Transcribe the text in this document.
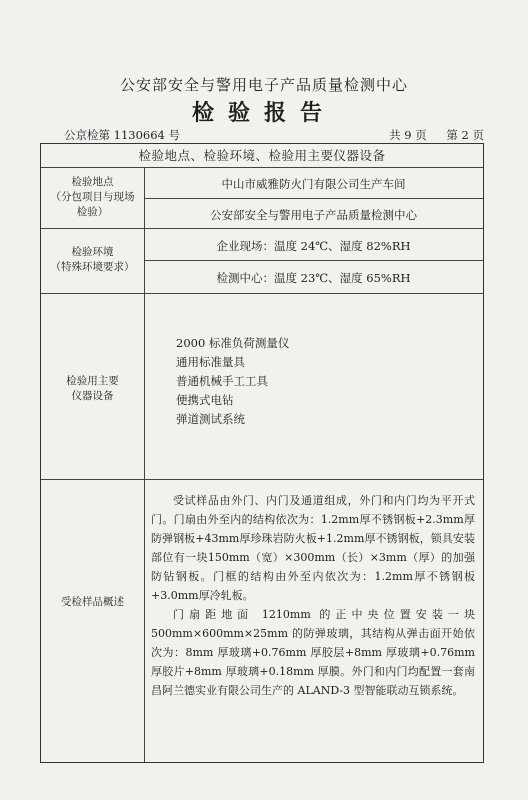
公安部安全与警用电子产品质量检测中心
检验报告
公京检第 1130664 号	共 9 页 第 2 页
检验地点、检验环境、检验用主要仪器设备
检验地点
（分包项目与现场
检验）
中山市威雅防火门有限公司生产车间
公安部安全与警用电子产品质量检测中心
检验环境
（特殊环境要求）
企业现场：温度 24℃、湿度 82%RH
检测中心：温度 23℃、湿度 65%RH
检验用主要
仪器设备
2000 标准负荷测量仪
通用标准量具
普通机械手工工具
便携式电钻
弹道测试系统
受检样品概述

受试样品由外门、内门及通道组成，外门和内门均为平开式门。门扇由外至内的结构依次为：1.2mm厚不锈钢板+2.3mm厚防弹钢板+43mm厚珍珠岩防火板+1.2mm厚不锈钢板，锁具安装部位有一块150mm（宽）×300mm（长）×3mm（厚）的加强防钻钢板。门框的结构由外至内依次为：1.2mm厚不锈钢板+3.0mm厚冷轧板。

门扇距地面 1210mm 的正中央位置安装一块500mm×600mm×25mm 的防弹玻璃，其结构从弹击面开始依次为：8mm 厚玻璃+0.76mm 厚胶层+8mm 厚玻璃+0.76mm 厚胶片+8mm 厚玻璃+0.18mm 厚膜。外门和内门均配置一套南昌阿兰德实业有限公司生产的 ALAND-3 型智能联动互锁系统。
